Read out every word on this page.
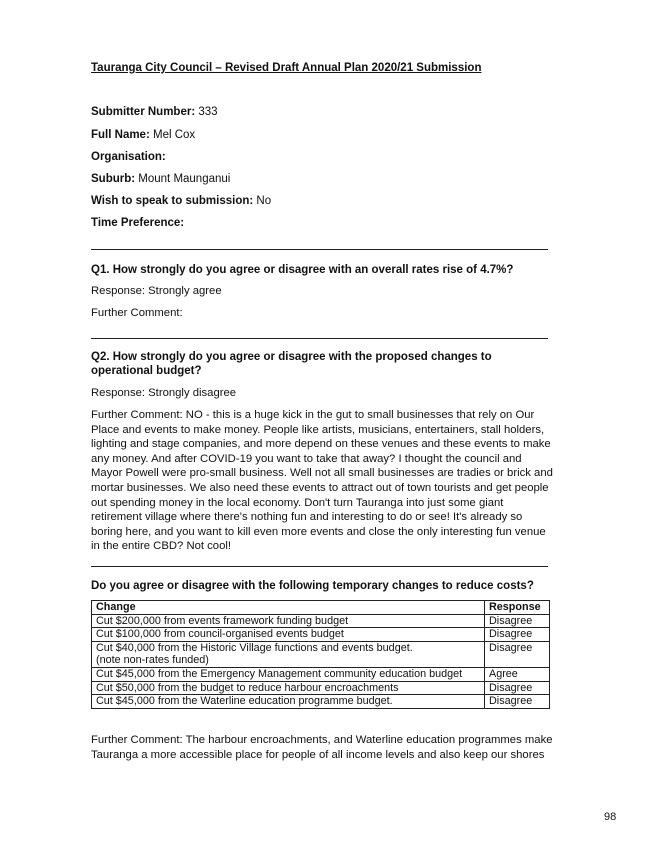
Tauranga City Council – Revised Draft Annual Plan 2020/21 Submission
Submitter Number: 333
Full Name: Mel Cox
Organisation:
Suburb: Mount Maunganui
Wish to speak to submission: No
Time Preference:
Q1. How strongly do you agree or disagree with an overall rates rise of 4.7%?
Response: Strongly agree
Further Comment:
Q2. How strongly do you agree or disagree with the proposed changes to operational budget?
Response: Strongly disagree
Further Comment: NO - this is a huge kick in the gut to small businesses that rely on Our Place and events to make money. People like artists, musicians, entertainers, stall holders, lighting and stage companies, and more depend on these venues and these events to make any money. And after COVID-19 you want to take that away? I thought the council and Mayor Powell were pro-small business. Well not all small businesses are tradies or brick and mortar businesses. We also need these events to attract out of town tourists and get people out spending money in the local economy. Don't turn Tauranga into just some giant retirement village where there's nothing fun and interesting to do or see! It's already so boring here, and you want to kill even more events and close the only interesting fun venue in the entire CBD? Not cool!
Do you agree or disagree with the following temporary changes to reduce costs?
Change	Response
Cut $200,000 from events framework funding budget	Disagree
Cut $100,000 from council-organised events budget	Disagree

Cut $40,000 from the Historic Village functions and events budget.
(note non-rates funded)	Disagree
Cut $45,000 from the Emergency Management community education budget	Agree
Cut $50,000 from the budget to reduce harbour encroachments	Disagree
Cut $45,000 from the Waterline education programme budget.	Disagree
Further Comment: The harbour encroachments, and Waterline education programmes make Tauranga a more accessible place for people of all income levels and also keep our shores
98
